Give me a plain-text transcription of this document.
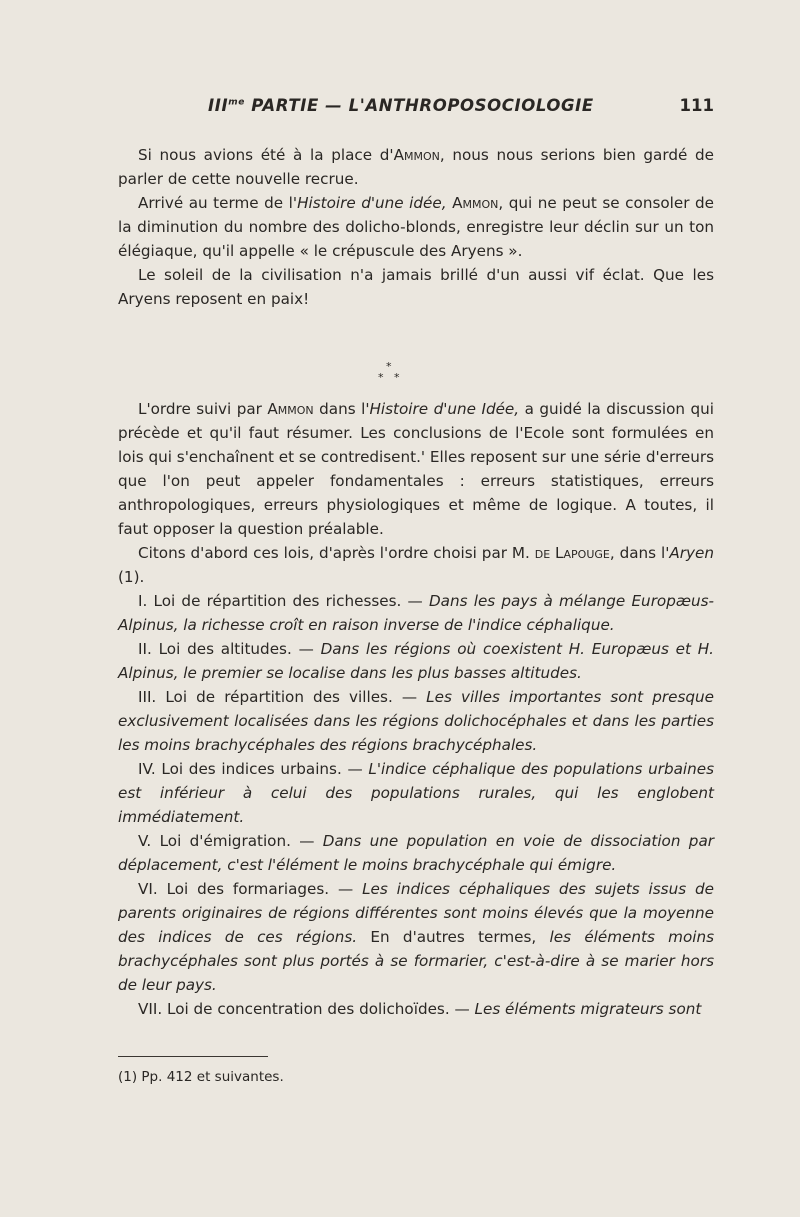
$III^{me}$ PARTIE — L'ANTHROPOSOCIOLOGIE	111

Si nous avions été à la place d'Ammon, nous nous serions bien gardé de parler de cette nouvelle recrue.

Arrivé au terme de l'Histoire d'une idée, Ammon, qui ne peut se consoler de la diminution du nombre des dolicho-blonds, enregistre leur déclin sur un ton élégiaque, qu'il appelle « le crépuscule des Aryens ».

Le soleil de la civilisation n'a jamais brillé d'un aussi vif éclat. Que les Aryens reposent en paix!

L'ordre suivi par Ammon dans l'Histoire d'une Idée, a guidé la discussion qui précède et qu'il faut résumer. Les conclusions de l'Ecole sont formulées en lois qui s'enchaînent et se contredisent.' Elles reposent sur une série d'erreurs que l'on peut appeler fondamentales : erreurs statistiques, erreurs anthropologiques, erreurs physiologiques et même de logique. A toutes, il faut opposer la question préalable.

Citons d'abord ces lois, d'après l'ordre choisi par M. de Lapouge, dans l'Aryen (1).

I. Loi de répartition des richesses. — Dans les pays à mélange Europæus-Alpinus, la richesse croît en raison inverse de l'indice céphalique.

II. Loi des altitudes. — Dans les régions où coexistent H. Europæus et H. Alpinus, le premier se localise dans les plus basses altitudes.

III. Loi de répartition des villes. — Les villes importantes sont presque exclusivement localisées dans les régions dolichocéphales et dans les parties les moins brachycéphales des régions brachycéphales.

IV. Loi des indices urbains. — L'indice céphalique des populations urbaines est inférieur à celui des populations rurales, qui les englobent immédiatement.

V. Loi d'émigration. — Dans une population en voie de dissociation par déplacement, c'est l'élément le moins brachycéphale qui émigre.

VI. Loi des formariages. — Les indices céphaliques des sujets issus de parents originaires de régions différentes sont moins élevés que la moyenne des indices de ces régions. En d'autres termes, les éléments moins brachycéphales sont plus portés à se formarier, c'est-à-dire à se marier hors de leur pays.

VII. Loi de concentration des dolichoïdes. — Les éléments migrateurs sont

*
* *
(1) Pp. 412 et suivantes.
